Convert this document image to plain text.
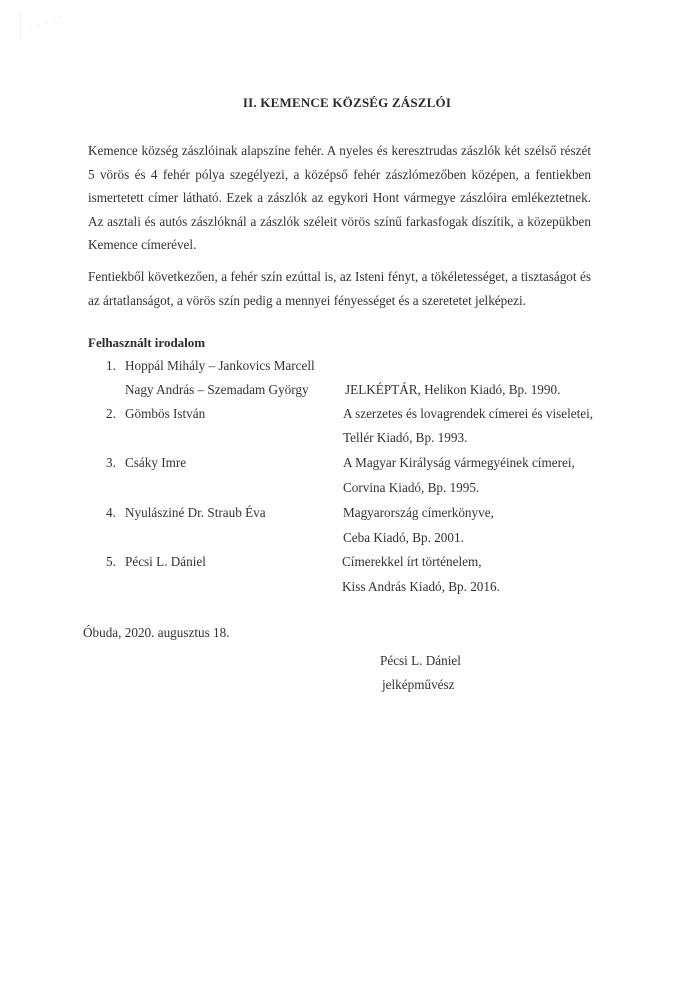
II. KEMENCE KÖZSÉG ZÁSZLÓI
Kemence község zászlóinak alapszíne fehér. A nyeles és keresztrudas zászlók két szélső részét 5 vörös és 4 fehér pólya szegélyezi, a középső fehér zászlómezőben középen, a fentiekben ismertetett címer látható. Ezek a zászlók az egykori Hont vármegye zászlóira emlékeztetnek. Az asztali és autós zászlóknál a zászlók széleit vörös színű farkasfogak díszítik, a közepükben Kemence címerével.
Fentiekből következően, a fehér szín ezúttal is, az Isteni fényt, a tökéletességet, a tisztaságot és az ártatlanságot, a vörös szín pedig a mennyei fényességet és a szeretetet jelképezi.
Felhasznált irodalom
1. Hoppál Mihály – Jankovics Marcell
Nagy András – Szemadam György	JELKÉPTÁR, Helikon Kiadó, Bp. 1990.
2. Gömbös István	A szerzetes és lovagrendek címerei és viseletei,
Tellér Kiadó, Bp. 1993.
3. Csáky Imre	A Magyar Királyság vármegyéinek címerei,
Corvina Kiadó, Bp. 1995.
4. Nyulásziné Dr. Straub Éva	Magyarország címerkönyve,
Ceba Kiadó, Bp. 2001.
5. Pécsi L. Dániel	Címerekkel írt történelem,
Kiss András Kiadó, Bp. 2016.
Óbuda, 2020. augusztus 18.
Pécsi L. Dániel
jelképművész
